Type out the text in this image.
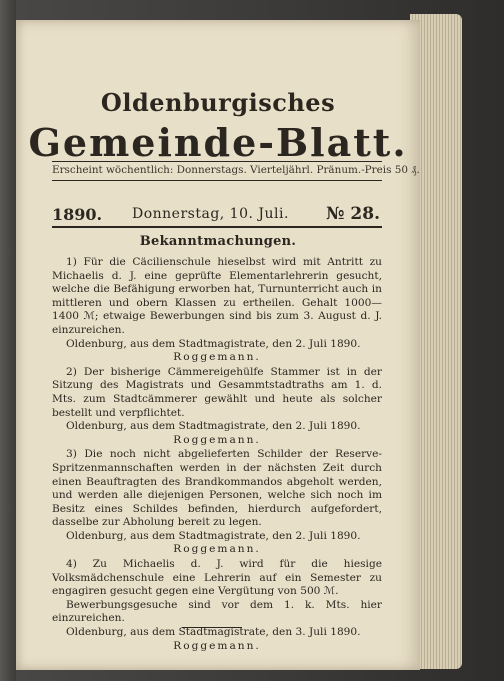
Oldenburgisches
Gemeinde-Blatt.
Erscheint wöchentlich: Donnerstags. Vierteljährl. Pränum.-Preis 50 ₰.
1890. Donnerstag, 10. Juli. № 28.
Bekanntmachungen.

1) Für die Cäcilienschule hieselbst wird mit Antritt zu Michaelis d. J. eine geprüfte Elementarlehrerin gesucht, welche die Befähigung erworben hat, Turnunterricht auch in mittleren und obern Klassen zu ertheilen. Gehalt 1000—1400 ℳ; etwaige Bewerbungen sind bis zum 3. August d. J. einzureichen.

Oldenburg, aus dem Stadtmagistrate, den 2. Juli 1890.

Roggemann.

2) Der bisherige Cämmereigehülfe Stammer ist in der Sitzung des Magistrats und Gesammtstadtraths am 1. d. Mts. zum Stadtcämmerer gewählt und heute als solcher bestellt und verpflichtet.

Oldenburg, aus dem Stadtmagistrate, den 2. Juli 1890.

Roggemann.

3) Die noch nicht abgelieferten Schilder der Reserve-Spritzenmannschaften werden in der nächsten Zeit durch einen Beauftragten des Brandkommandos abgeholt werden, und werden alle diejenigen Personen, welche sich noch im Besitz eines Schildes befinden, hierdurch aufgefordert, dasselbe zur Abholung bereit zu legen.

Oldenburg, aus dem Stadtmagistrate, den 2. Juli 1890.

Roggemann.

4) Zu Michaelis d. J. wird für die hiesige Volksmädchenschule eine Lehrerin auf ein Semester zu engagiren gesucht gegen eine Vergütung von 500 ℳ.

Bewerbungsgesuche sind vor dem 1. k. Mts. hier einzureichen.

Oldenburg, aus dem Stadtmagistrate, den 3. Juli 1890.

Roggemann.
